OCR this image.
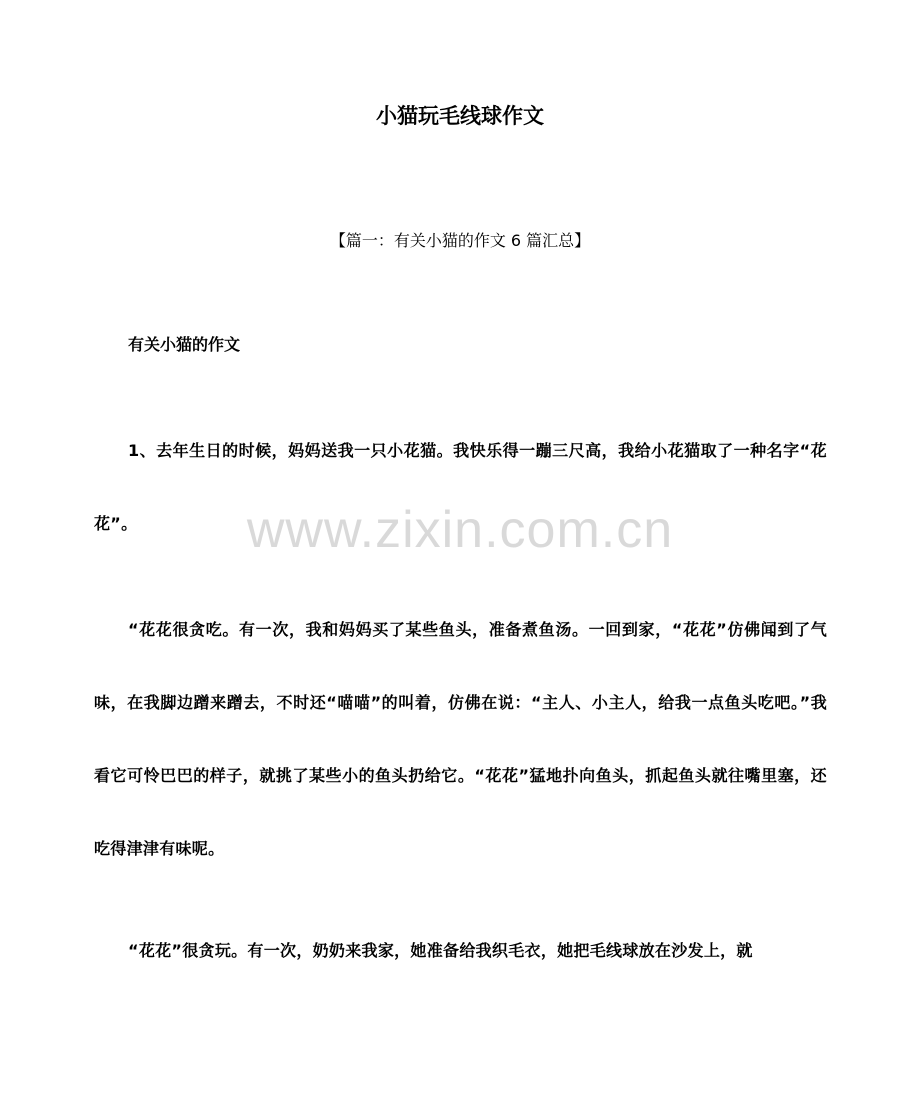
小猫玩毛线球作文
【篇一：有关小猫的作文 6 篇汇总】
有关小猫的作文

1、去年生日的时候，妈妈送我一只小花猫。我快乐得一蹦三尺高，我给小花猫取了一种名字“花花”。

“花花很贪吃。有一次，我和妈妈买了某些鱼头，准备煮鱼汤。一回到家，“花花”仿佛闻到了气味，在我脚边蹭来蹭去，不时还“喵喵”的叫着，仿佛在说：“主人、小主人，给我一点鱼头吃吧。”我看它可怜巴巴的样子，就挑了某些小的鱼头扔给它。“花花”猛地扑向鱼头，抓起鱼头就往嘴里塞，还吃得津津有味呢。

“花花”很贪玩。有一次，奶奶来我家，她准备给我织毛衣，她把毛线球放在沙发上，就

www.zixin.com.cn
